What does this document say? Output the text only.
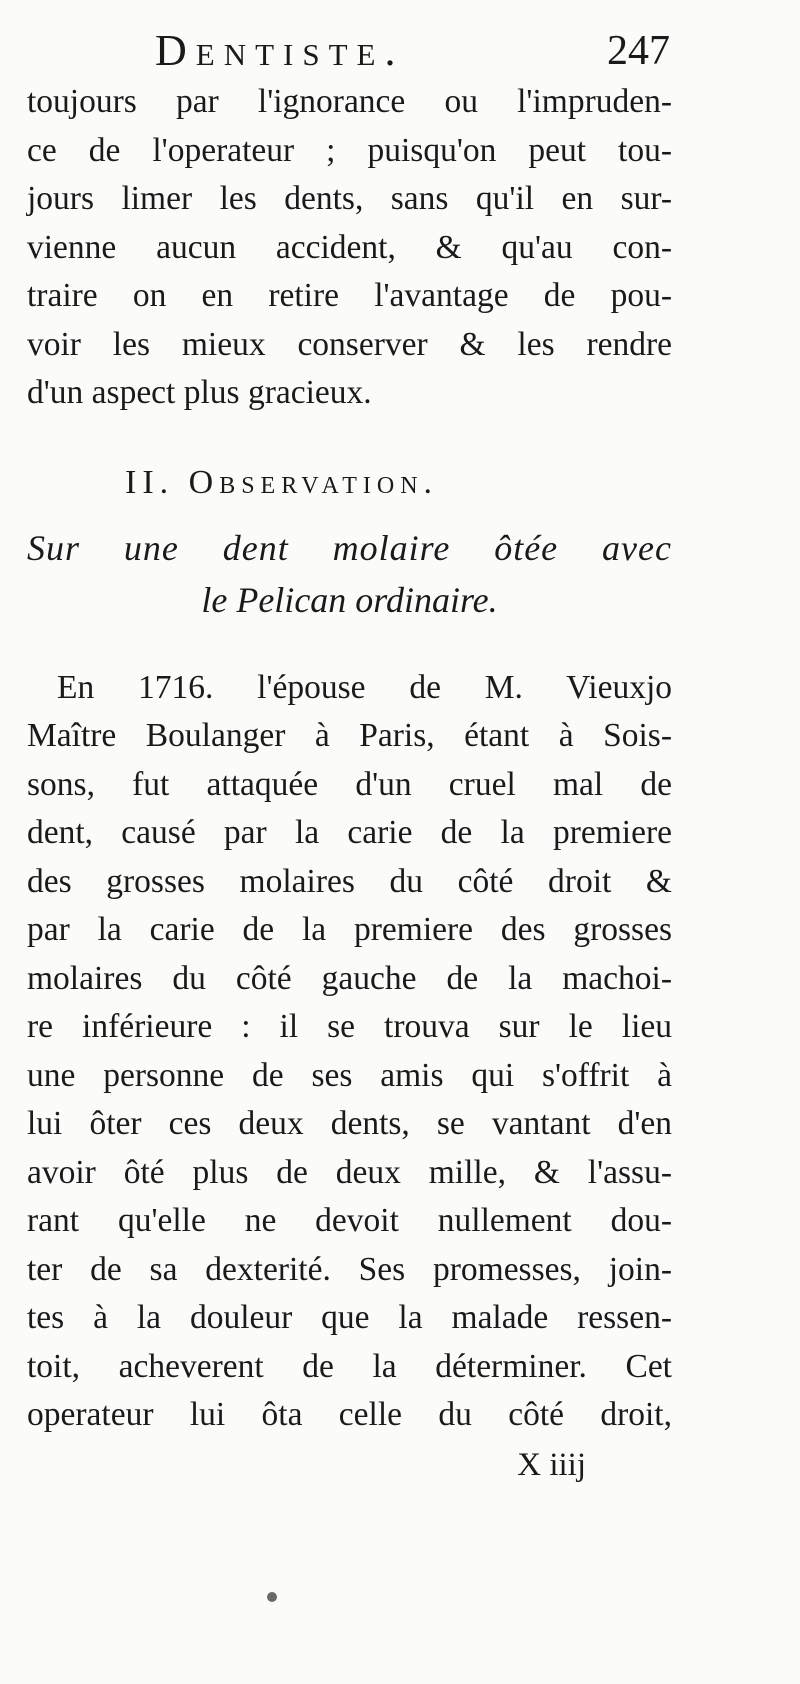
Dentiste.	247
toujours par l'ignorance ou l'impruden-
ce de l'operateur ; puisqu'on peut tou-
jours limer les dents, sans qu'il en sur-
vienne aucun accident, & qu'au con-
traire on en retire l'avantage de pou-
voir les mieux conserver & les rendre
d'un aspect plus gracieux.
II. Observation.
Sur une dent molaire ôtée avec
le Pelican ordinaire.
En 1716. l'épouse de M. Vieuxjo
Maître Boulanger à Paris, étant à Sois-
sons, fut attaquée d'un cruel mal de
dent, causé par la carie de la premiere
des grosses molaires du côté droit &
par la carie de la premiere des grosses
molaires du côté gauche de la machoi-
re inférieure : il se trouva sur le lieu
une personne de ses amis qui s'offrit à
lui ôter ces deux dents, se vantant d'en
avoir ôté plus de deux mille, & l'assu-
rant qu'elle ne devoit nullement dou-
ter de sa dexterité. Ses promesses, join-
tes à la douleur que la malade ressen-
toit, acheverent de la déterminer. Cet
operateur lui ôta celle du côté droit,
X iiij
